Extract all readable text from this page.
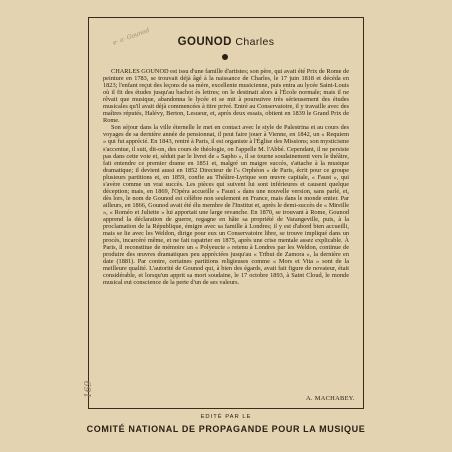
e· a· Gounod	GOUNOD Charles

CHARLES GOUNOD est issu d'une famille d'artistes; son père, qui avait été Prix de Rome de peinture en 1783, se trouvait déjà âgé à la naissance de Charles, le 17 juin 1818 et décéda en 1823; l'enfant reçut des leçons de sa mère, excellente musicienne, puis entra au lycée Saint-Louis où il fit des études jusqu'au bachot ès lettres; on le destinait alors à l'École normale; mais il ne rêvait que musique, abandonna le lycée et se mit à poursuivre très sérieusement des études musicales qu'il avait déjà commencées à titre privé. Entré au Conservatoire, il y travaille avec des maîtres réputés, Halévy, Berton, Lesueur, et, après deux essais, obtient en 1839 le Grand Prix de Rome.

Son séjour dans la ville éternelle le met en contact avec le style de Palestrina et au cours des voyages de sa dernière année de pensionnat, il peut faire jouer à Vienne, en 1842, un « Requiem » qui fut apprécié. En 1843, rentré à Paris, il est organiste à l'Église des Missions; son mysticisme s'accentue, il suit, dit-on, des cours de théologie, on l'appelle M. l'Abbé. Cependant, il ne persiste pas dans cette voie et, séduit par le livret de « Sapho », il se tourne soudainement vers le théâtre, fait entendre ce premier drame en 1851 et, malgré un maigre succès, s'attache à la musique dramatique; il devient aussi en 1852 Directeur de l'« Orphéon » de Paris, écrit pour ce groupe plusieurs partitions et, en 1859, confie au Théâtre-Lyrique son œuvre capitale, « Faust », qui s'avère comme un vrai succès. Les pièces qui suivent lui sont inférieures et causent quelque déception; mais, en 1869, l'Opéra accueille « Faust » dans une nouvelle version, sans parlé, et, dès lors, le nom de Gounod est célèbre non seulement en France, mais dans le monde entier. Par ailleurs, en 1866, Gounod avait été élu membre de l'Institut et, après le demi-succès de « Mireille », « Roméo et Juliette » lui apportait une large revanche. En 1870, se trouvant à Rome, Gounod apprend la déclaration de guerre, regagne en hâte sa propriété de Varangeville, puis, à la proclamation de la République, émigre avec sa famille à Londres; il y est d'abord bien accueilli, mais se lie avec les Weldon, dirige pour eux un Conservatoire libre, se trouve impliqué dans un procès, incarcéré même, et ne fait rapatrier en 1875, après une crise mentale assez explicable. À Paris, il reconstitue de mémoire un « Polyeucte » retenu à Londres par les Weldon, continue de produire des œuvres dramatiques peu appréciées jusqu'au « Tribut de Zamora », la dernière en date (1881). Par contre, certaines partitions religieuses comme « Mors et Vita » sont de la meilleure qualité. L'autorité de Gounod qui, à bien des égards, avait fait figure de novateur, était considérable, et lorsqu'un apprit sa mort soudaine, le 17 octobre 1893, à Saint Cloud, le monde musical eut conscience de la perte d'un de ses valeurs.

A. MACHABEY.
169
EDITÉ PAR LE
COMITÉ NATIONAL DE PROPAGANDE POUR LA MUSIQUE
